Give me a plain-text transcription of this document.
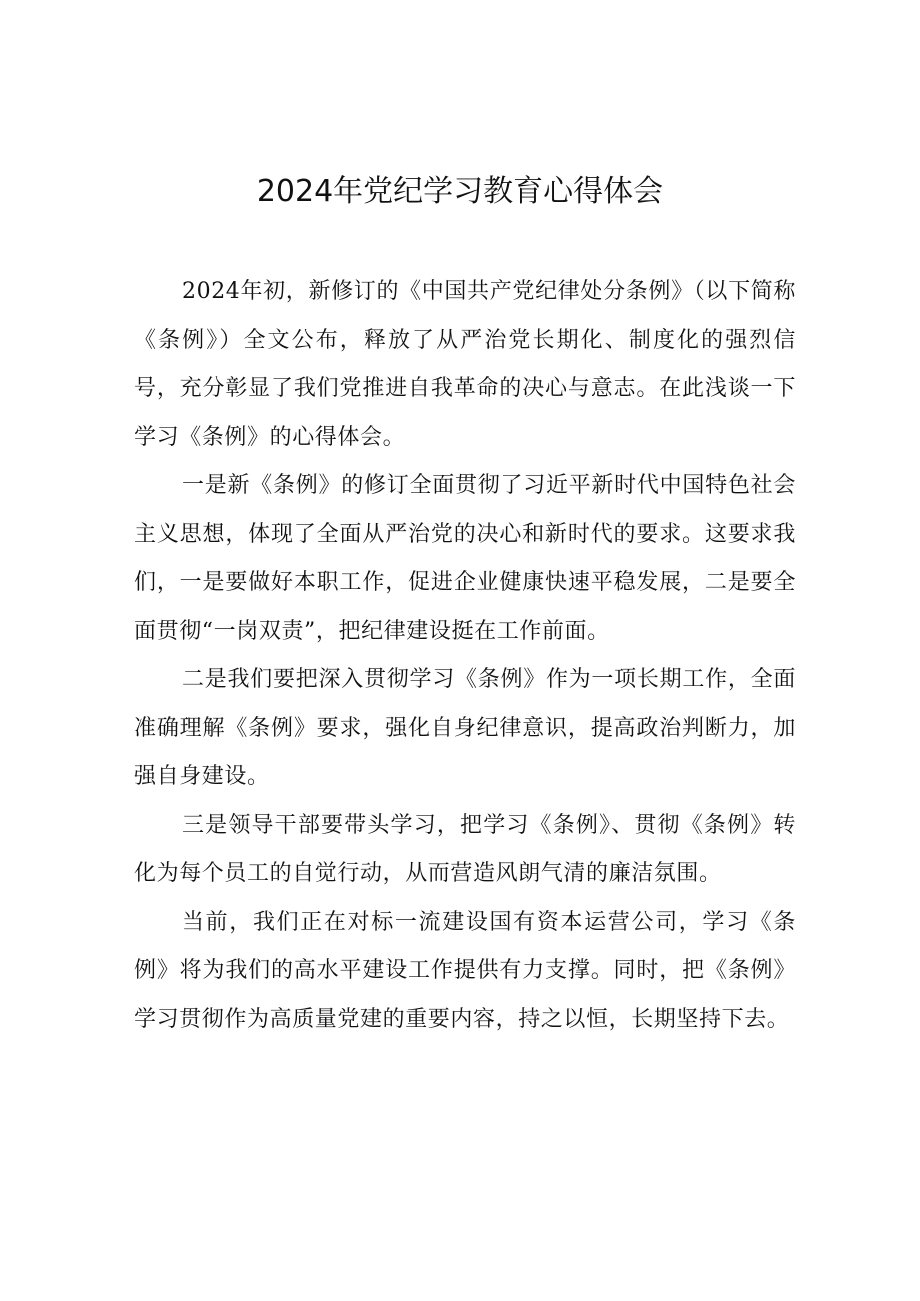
2024年党纪学习教育心得体会

2024年初，新修订的《中国共产党纪律处分条例》（以下简称《条例》）全文公布，释放了从严治党长期化、制度化的强烈信号，充分彰显了我们党推进自我革命的决心与意志。在此浅谈一下学习《条例》的心得体会。

一是新《条例》的修订全面贯彻了习近平新时代中国特色社会主义思想，体现了全面从严治党的决心和新时代的要求。这要求我们，一是要做好本职工作，促进企业健康快速平稳发展，二是要全面贯彻“一岗双责”，把纪律建设挺在工作前面。

二是我们要把深入贯彻学习《条例》作为一项长期工作，全面准确理解《条例》要求，强化自身纪律意识，提高政治判断力，加强自身建设。

三是领导干部要带头学习，把学习《条例》、贯彻《条例》转化为每个员工的自觉行动，从而营造风朗气清的廉洁氛围。

当前，我们正在对标一流建设国有资本运营公司，学习《条例》将为我们的高水平建设工作提供有力支撑。同时，把《条例》学习贯彻作为高质量党建的重要内容，持之以恒，长期坚持下去。
